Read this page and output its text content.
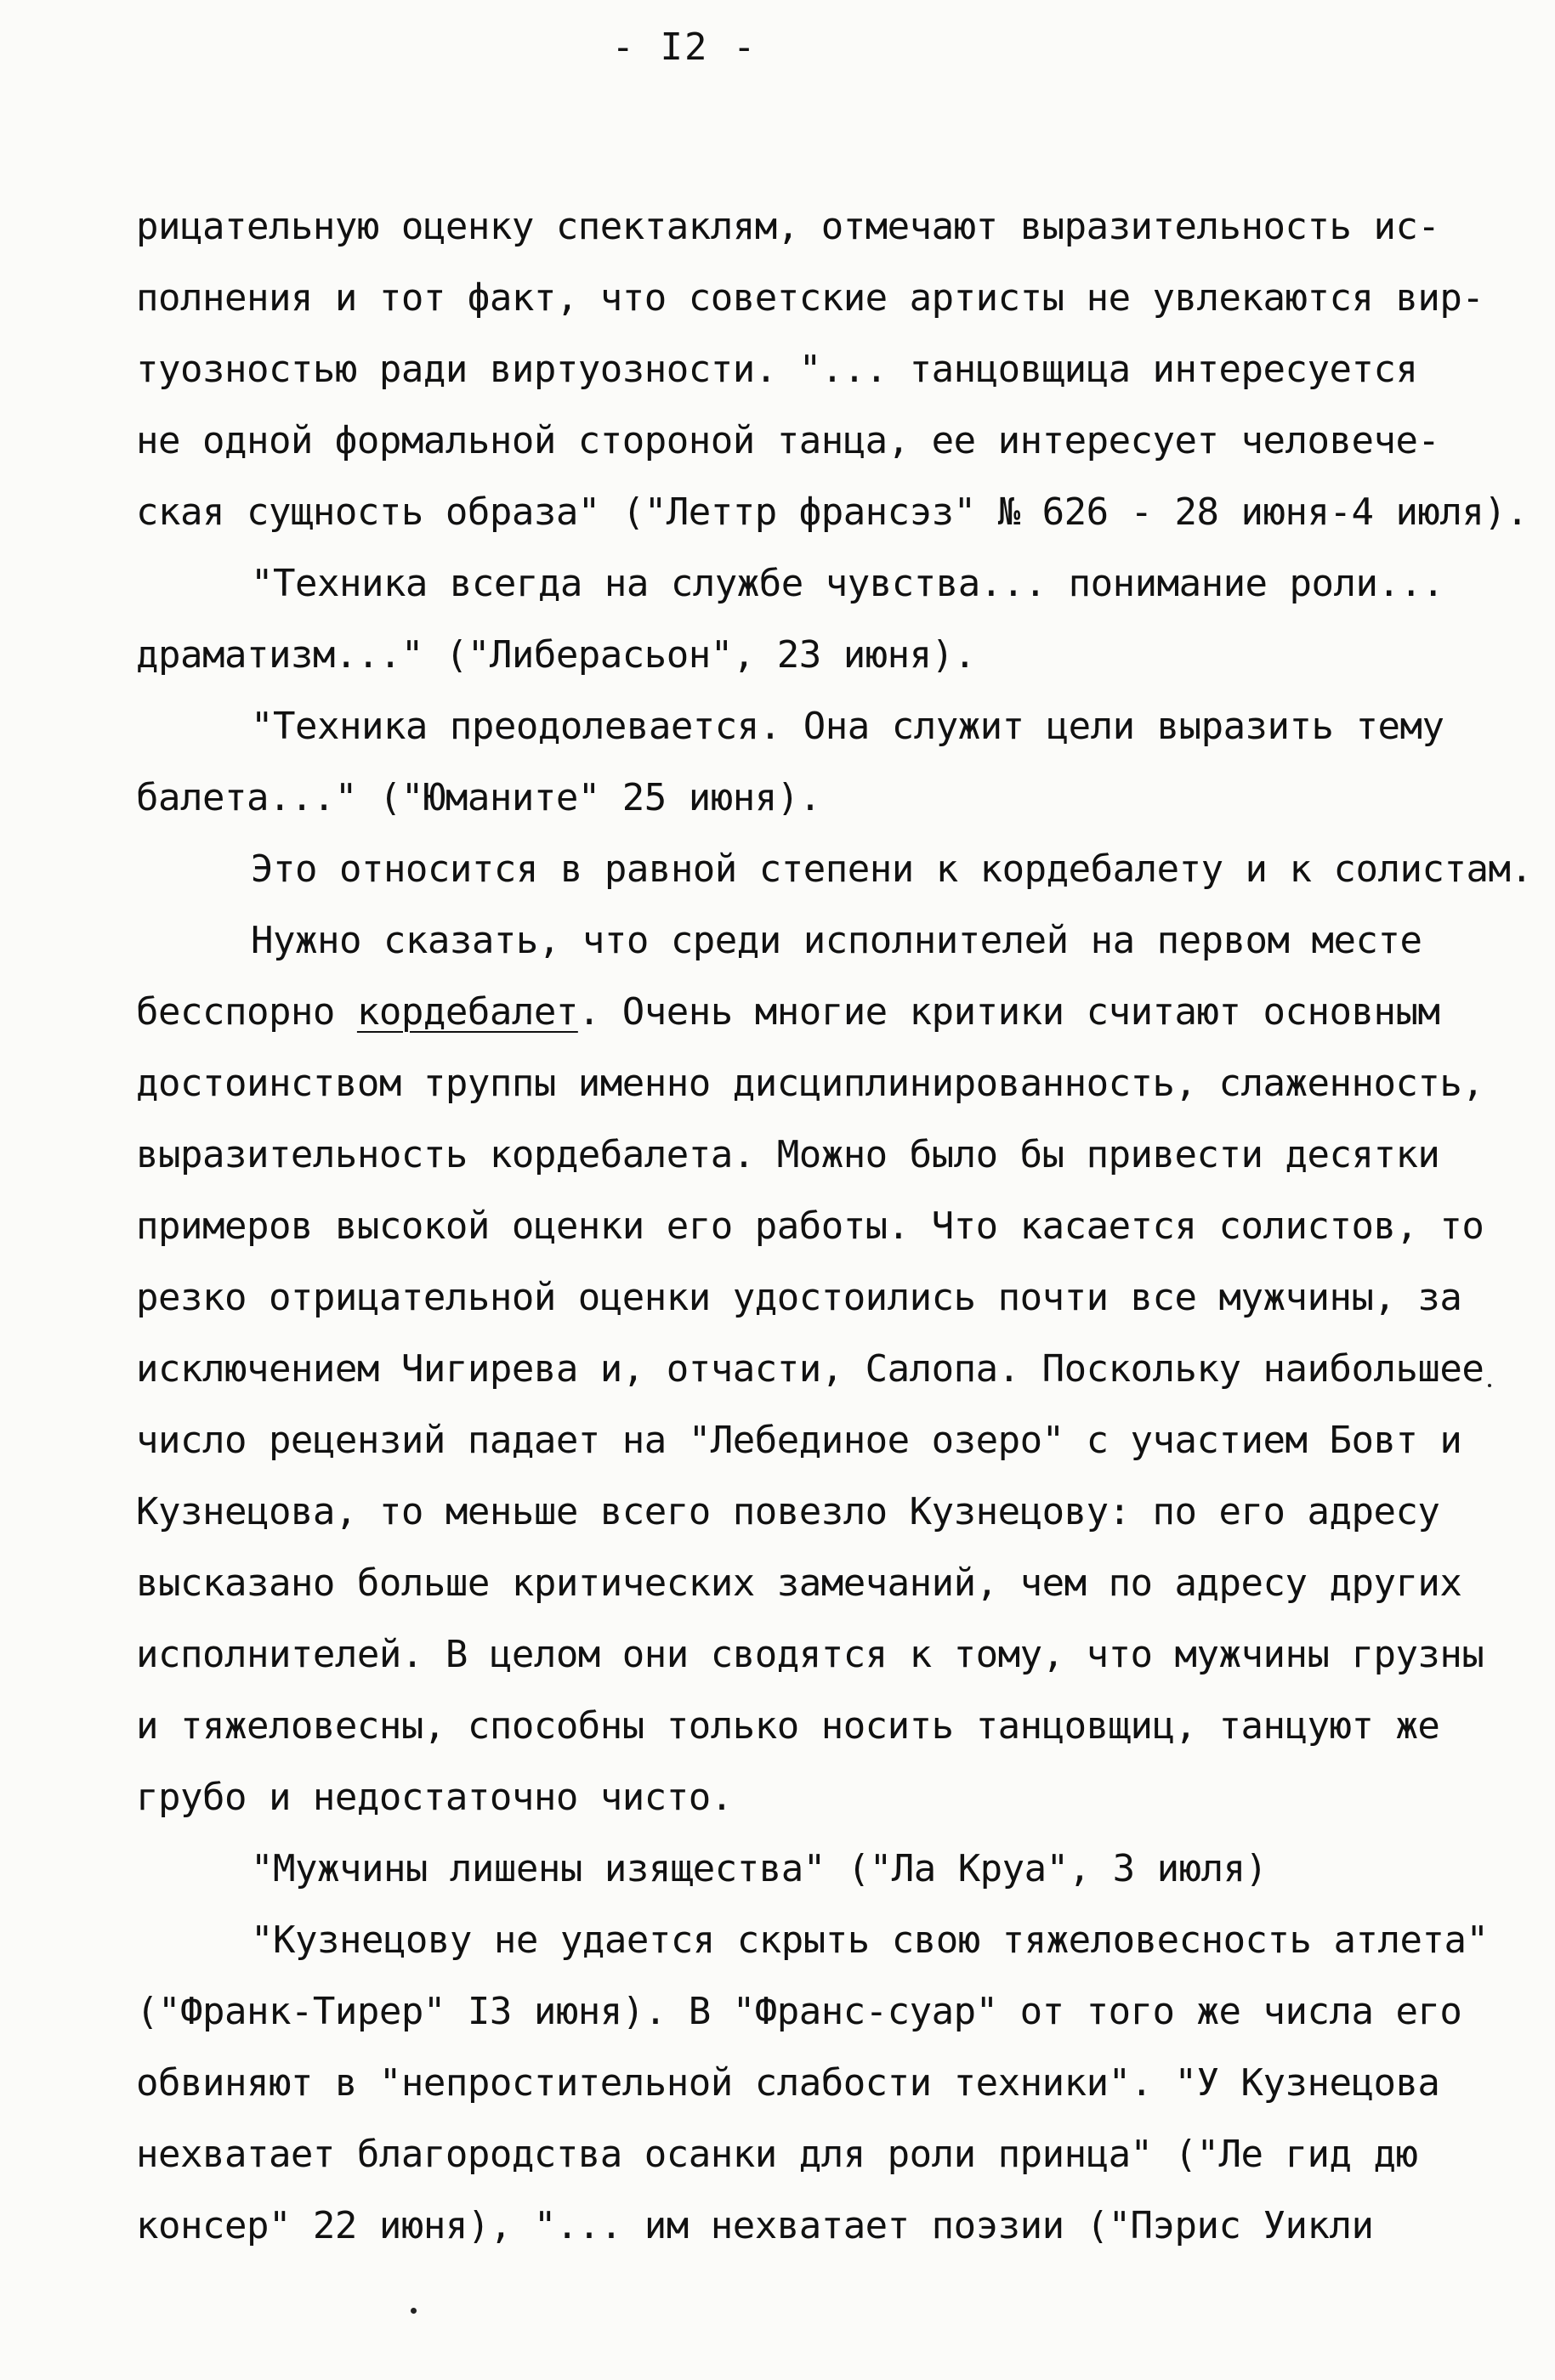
- I2 -
рицательную оценку спектаклям, отмечают выразительность ис-
полнения и тот факт, что советские артисты не увлекаются вир-
туозностью ради виртуозности. "... танцовщица интересуется
не одной формальной стороной танца, ее интересует человече-
ская сущность образа" ("Леттр франсэз" № 626 - 28 июня-4 июля).
"Техника всегда на службе чувства... понимание роли...
драматизм..." ("Либерасьон", 23 июня).
"Техника преодолевается. Она служит цели выразить тему
балета..." ("Юманите" 25 июня).
Это относится в равной степени к кордебалету и к солистам.
Нужно сказать, что среди исполнителей на первом месте
бесспорно кордебалет. Очень многие критики считают основным
достоинством труппы именно дисциплинированность, слаженность,
выразительность кордебалета. Можно было бы привести десятки
примеров высокой оценки его работы. Что касается солистов, то
резко отрицательной оценки удостоились почти все мужчины, за
исключением Чигирева и, отчасти, Салопа. Поскольку наибольшее
число рецензий падает на "Лебединое озеро" с участием Бовт и
Кузнецова, то меньше всего повезло Кузнецову: по его адресу
высказано больше критических замечаний, чем по адресу других
исполнителей. В целом они сводятся к тому, что мужчины грузны
и тяжеловесны, способны только носить танцовщиц, танцуют же
грубо и недостаточно чисто.
"Мужчины лишены изящества" ("Ла Круа", 3 июля)
"Кузнецову не удается скрыть свою тяжеловесность атлета"
("Франк-Тирер" I3 июня). В "Франс-суар" от того же числа его
обвиняют в "непростительной слабости техники". "У Кузнецова
нехватает благородства осанки для роли принца" ("Ле гид дю
консер" 22 июня), "... им нехватает поэзии ("Пэрис Уикли
